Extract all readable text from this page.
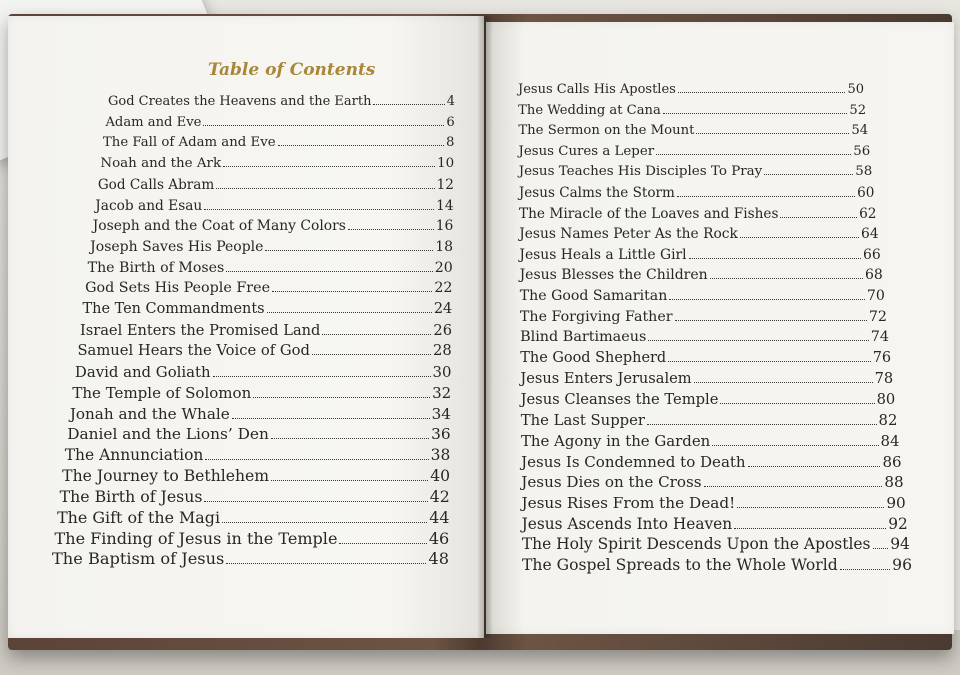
Table of Contents
God Creates the Heavens and the Earth	4
Adam and Eve	6
The Fall of Adam and Eve	8
Noah and the Ark	10
God Calls Abram	12
Jacob and Esau	14
Joseph and the Coat of Many Colors	16
Joseph Saves His People	18
The Birth of Moses	20
God Sets His People Free	22
The Ten Commandments	24
Israel Enters the Promised Land	26
Samuel Hears the Voice of God	28
David and Goliath	30
The Temple of Solomon	32
Jonah and the Whale	34
Daniel and the Lions’ Den	36
The Annunciation	38
The Journey to Bethlehem	40
The Birth of Jesus	42
The Gift of the Magi	44
The Finding of Jesus in the Temple	46
The Baptism of Jesus	48
Jesus Calls His Apostles	50
The Wedding at Cana	52
The Sermon on the Mount	54
Jesus Cures a Leper	56
Jesus Teaches His Disciples To Pray	58
Jesus Calms the Storm	60
The Miracle of the Loaves and Fishes	62
Jesus Names Peter As the Rock	64
Jesus Heals a Little Girl	66
Jesus Blesses the Children	68
The Good Samaritan	70
The Forgiving Father	72
Blind Bartimaeus	74
The Good Shepherd	76
Jesus Enters Jerusalem	78
Jesus Cleanses the Temple	80
The Last Supper	82
The Agony in the Garden	84
Jesus Is Condemned to Death	86
Jesus Dies on the Cross	88
Jesus Rises From the Dead!	90
Jesus Ascends Into Heaven	92
The Holy Spirit Descends Upon the Apostles 94
The Gospel Spreads to the Whole World	96
